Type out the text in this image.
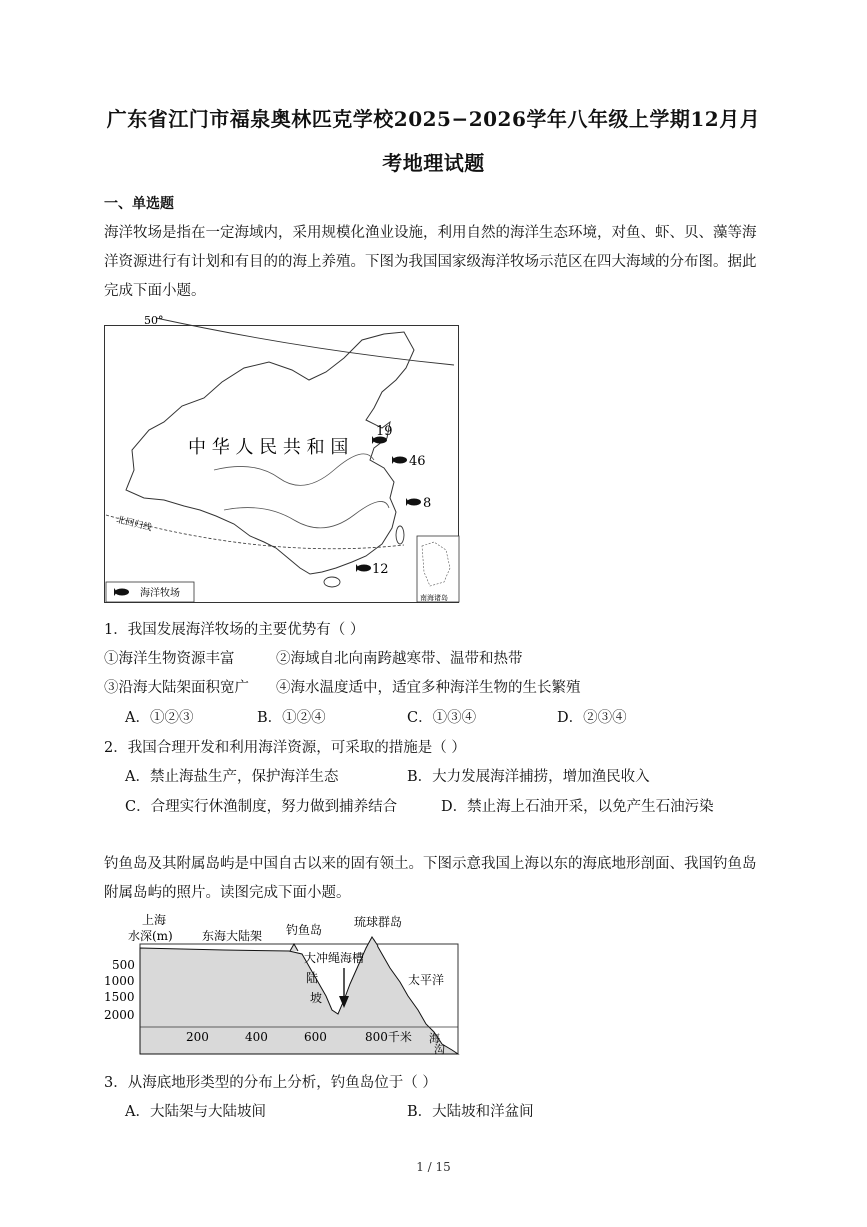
广东省江门市福泉奥林匹克学校2025−2026学年八年级上学期12月月
考地理试题
一、单选题
海洋牧场是指在一定海域内，采用规模化渔业设施，利用自然的海洋生态环境，对鱼、虾、贝、藻等海洋资源进行有计划和有目的的海上养殖。下图为我国国家级海洋牧场示范区在四大海域的分布图。据此完成下面小题。
50°
北回归线
中 华 人 民 共 和 国
19
46
8
12
海洋牧场	南海诸岛
1．我国发展海洋牧场的主要优势有（ ）
①海洋生物资源丰富	②海域自北向南跨越寒带、温带和热带
③沿海大陆架面积宽广 ④海水温度适中，适宜多种海洋生物的生长繁殖
A．①②③	B．①②④	C．①③④	D．②③④
2．我国合理开发和利用海洋资源，可采取的措施是（ ）
A．禁止海盐生产，保护海洋生态	B．大力发展海洋捕捞，增加渔民收入
C．合理实行休渔制度，努力做到捕养结合	D．禁止海上石油开采，以免产生石油污染
钓鱼岛及其附属岛屿是中国自古以来的固有领土。下图示意我国上海以东的海底地形剖面、我国钓鱼岛附属岛屿的照片。读图完成下面小题。
上海
水深(m) 东海大陆架 钓鱼岛
琉球群岛
冲绳海槽
大
陆
坡
太平洋
海
沟
500
1000
1500
2000
200	400	600	800千米
3．从海底地形类型的分布上分析，钓鱼岛位于（ ）
A．大陆架与大陆坡间	B．大陆坡和洋盆间
1 / 15
